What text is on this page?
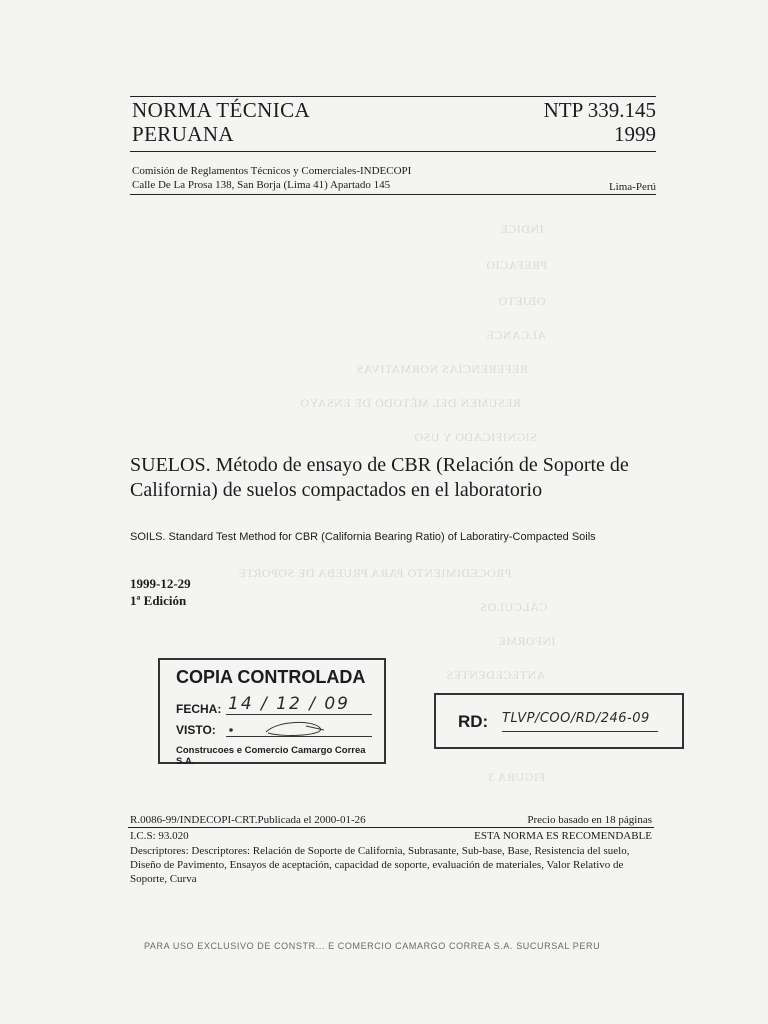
INDICE
PREFACIO
OBJETO
ALCANCE
REFERENCIAS NORMATIVAS
RESUMEN DEL MÉTODO DE ENSAYO
SIGNIFICADO Y USO
PROCEDIMIENTO PARA PRUEBA DE SOPORTE
CÁLCULOS
INFORME
ANTECEDENTES
FIGURA 3
NORMA TÉCNICA
PERUANA
NTP 339.145
1999
Comisión de Reglamentos Técnicos y Comerciales-INDECOPI
Calle De La Prosa 138, San Borja (Lima 41) Apartado 145	Lima-Perú
SUELOS. Método de ensayo de CBR (Relación de Soporte de California) de suelos compactados en el laboratorio
SOILS. Standard Test Method for CBR (California Bearing Ratio) of Laboratiry-Compacted Soils
1999-12-29
1ª Edición
COPIA CONTROLADA
FECHA: 14 / 12 / 09
VISTO:
Construcoes e Comercio Camargo Correa S.A.
RD: TLVP/COO/RD/246-09
R.0086-99/INDECOPI-CRT.Publicada el 2000-01-26	Precio basado en 18 páginas
I.C.S: 93.020	ESTA NORMA ES RECOMENDABLE
Descriptores: Descriptores: Relación de Soporte de California, Subrasante, Sub-base, Base, Resistencia del suelo, Diseño de Pavimento, Ensayos de aceptación, capacidad de soporte, evaluación de materiales, Valor Relativo de Soporte, Curva
PARA USO EXCLUSIVO DE CONSTR... E COMERCIO CAMARGO CORREA S.A. SUCURSAL PERU
